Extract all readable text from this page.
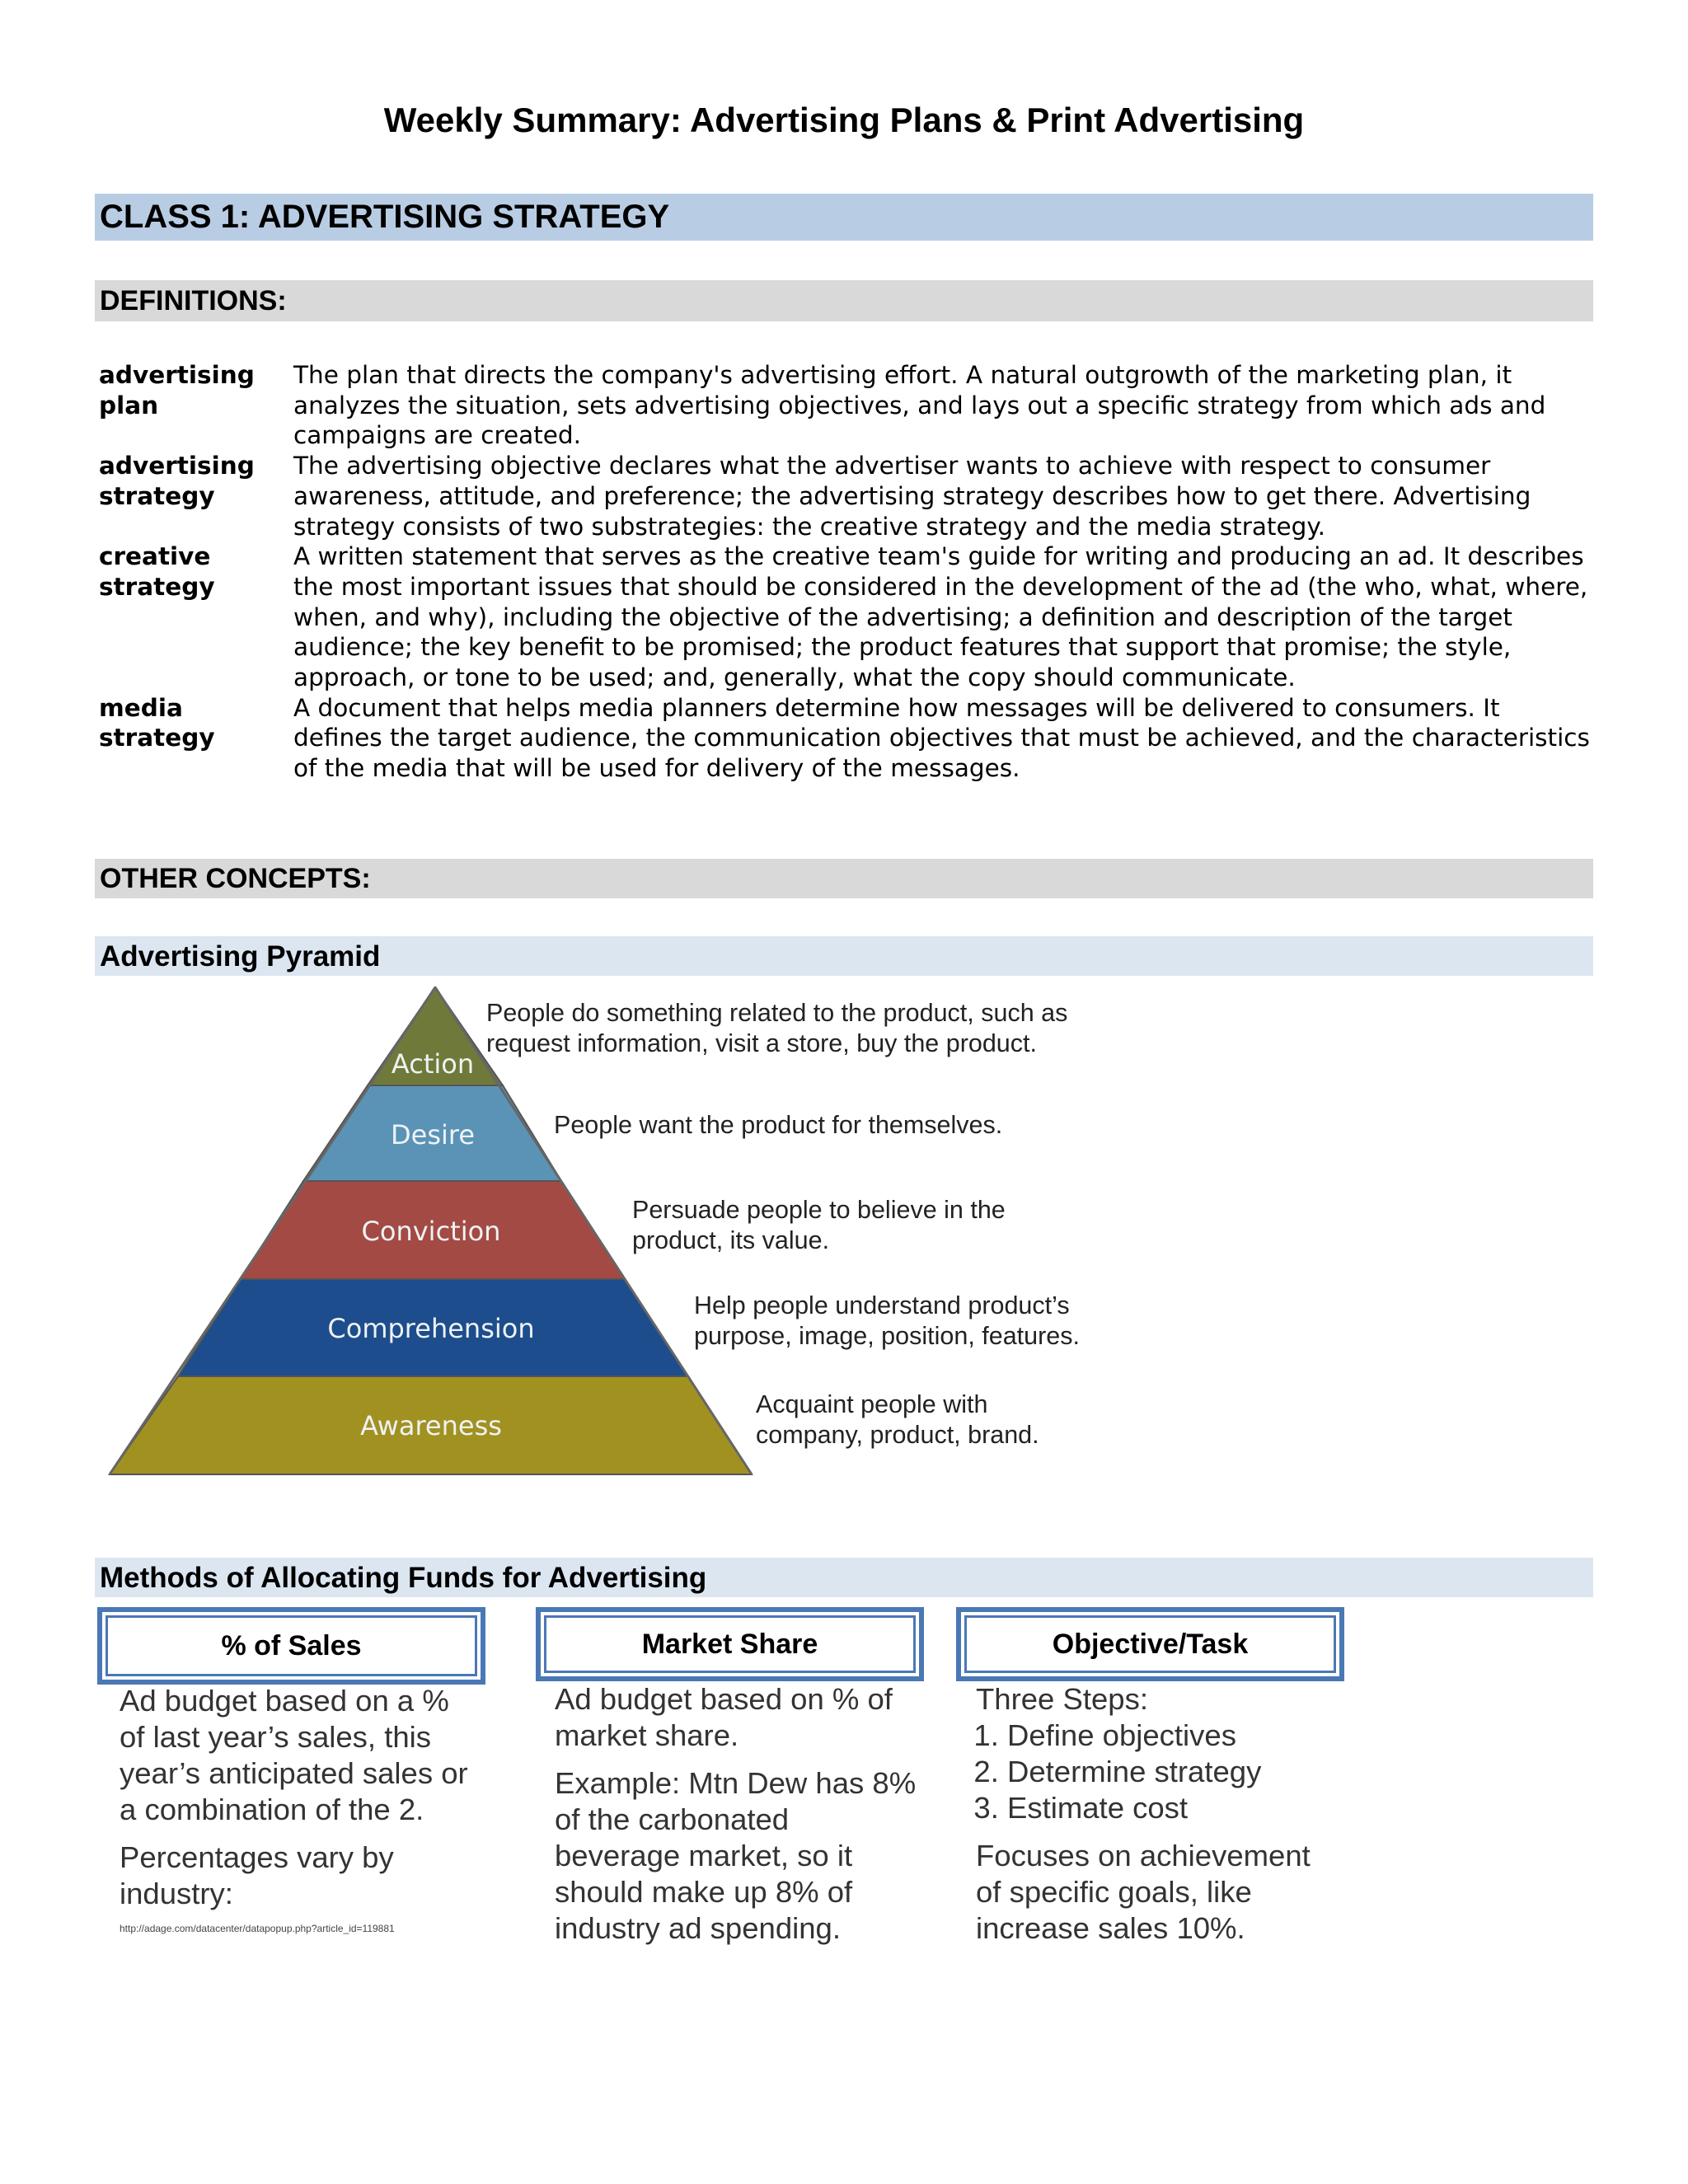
Weekly Summary: Advertising Plans & Print Advertising
CLASS 1: ADVERTISING STRATEGY
DEFINITIONS:
advertising
plan
The plan that directs the company's advertising effort. A natural outgrowth of the marketing plan, it analyzes the situation, sets advertising objectives, and lays out a specific strategy from which ads and campaigns are created.
advertising
strategy
The advertising objective declares what the advertiser wants to achieve with respect to consumer awareness, attitude, and preference; the advertising strategy describes how to get there. Advertising strategy consists of two substrategies: the creative strategy and the media strategy.
creative
strategy
A written statement that serves as the creative team's guide for writing and producing an ad. It describes the most important issues that should be considered in the development of the ad (the who, what, where, when, and why), including the objective of the advertising; a definition and description of the target audience; the key benefit to be promised; the product features that support that promise; the style, approach, or tone to be used; and, generally, what the copy should communicate.
media
strategy
A document that helps media planners determine how messages will be delivered to consumers. It defines the target audience, the communication objectives that must be achieved, and the characteristics of the media that will be used for delivery of the messages.
OTHER CONCEPTS:
Advertising Pyramid
Action
Desire
Conviction
Comprehension
Awareness
People do something related to the product, such as
request information, visit a store, buy the product.
People want the product for themselves.
Persuade people to believe in the
product, its value.
Help people understand product’s
purpose, image, position, features.
Acquaint people with
company, product, brand.
Methods of Allocating Funds for Advertising
% of Sales	Market Share	Objective/Task

Ad budget based on a % of last year’s sales, this year’s anticipated sales or a combination of the 2.

Percentages vary by industry:

http://adage.com/datacenter/datapopup.php?article_id=119881

Ad budget based on % of market share.

Example: Mtn Dew has 8% of the carbonated beverage market, so it should make up 8% of industry ad spending.

Three Steps:
1. Define objectives
2. Determine strategy
3. Estimate cost

Focuses on achievement of specific goals, like increase sales 10%.
